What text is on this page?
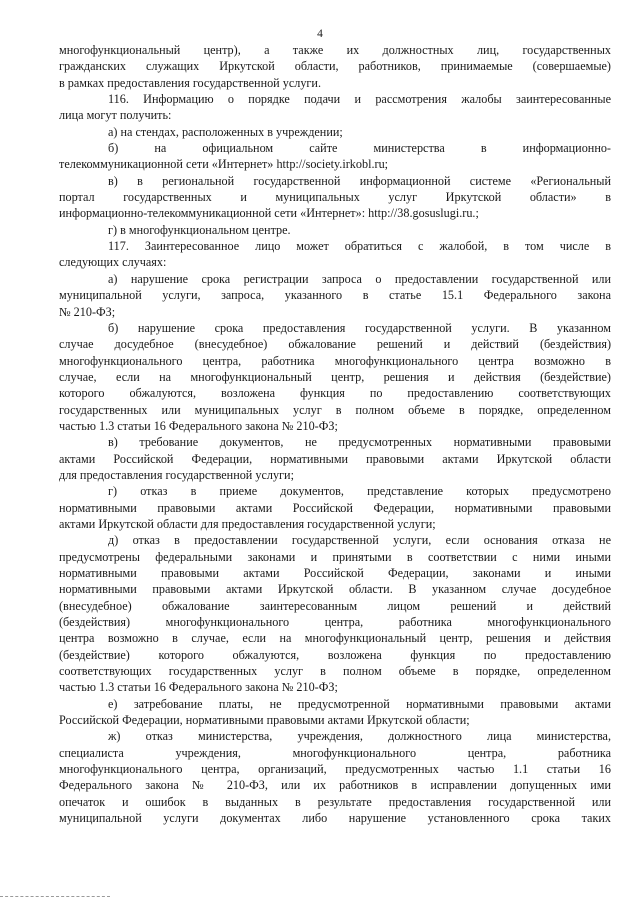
4
многофункциональный центр), а также их должностных лиц, государственных
гражданских служащих Иркутской области, работников, принимаемые (совершаемые)
в рамках предоставления государственной услуги.
116. Информацию о порядке подачи и рассмотрения жалобы заинтересованные
лица могут получить:
а) на стендах, расположенных в учреждении;
б) на официальном сайте министерства в информационно-
телекоммуникационной сети «Интернет» http://society.irkobl.ru;
в) в региональной государственной информационной системе «Региональный
портал государственных и муниципальных услуг Иркутской области» в
информационно-телекоммуникационной сети «Интернет»: http://38.gosuslugi.ru.;
г) в многофункциональном центре.
117. Заинтересованное лицо может обратиться с жалобой, в том числе в
следующих случаях:
а) нарушение срока регистрации запроса о предоставлении государственной или
муниципальной услуги, запроса, указанного в статье 15.1 Федерального закона
№ 210-ФЗ;
б) нарушение срока предоставления государственной услуги. В указанном
случае досудебное (внесудебное) обжалование решений и действий (бездействия)
многофункционального центра, работника многофункционального центра возможно в
случае, если на многофункциональный центр, решения и действия (бездействие)
которого обжалуются, возложена функция по предоставлению соответствующих
государственных или муниципальных услуг в полном объеме в порядке, определенном
частью 1.3 статьи 16 Федерального закона № 210-ФЗ;
в) требование документов, не предусмотренных нормативными правовыми
актами Российской Федерации, нормативными правовыми актами Иркутской области
для предоставления государственной услуги;
г) отказ в приеме документов, представление которых предусмотрено
нормативными правовыми актами Российской Федерации, нормативными правовыми
актами Иркутской области для предоставления государственной услуги;
д) отказ в предоставлении государственной услуги, если основания отказа не
предусмотрены федеральными законами и принятыми в соответствии с ними иными
нормативными правовыми актами Российской Федерации, законами и иными
нормативными правовыми актами Иркутской области. В указанном случае досудебное
(внесудебное) обжалование заинтересованным лицом решений и действий
(бездействия) многофункционального центра, работника многофункционального
центра возможно в случае, если на многофункциональный центр, решения и действия
(бездействие) которого обжалуются, возложена функция по предоставлению
соответствующих государственных услуг в полном объеме в порядке, определенном
частью 1.3 статьи 16 Федерального закона № 210-ФЗ;
е) затребование платы, не предусмотренной нормативными правовыми актами
Российской Федерации, нормативными правовыми актами Иркутской области;
ж) отказ министерства, учреждения, должностного лица министерства,
специалиста учреждения, многофункционального центра, работника
многофункционального центра, организаций, предусмотренных частью 1.1 статьи 16
Федерального закона № 210-ФЗ, или их работников в исправлении допущенных ими
опечаток и ошибок в выданных в результате предоставления государственной или
муниципальной услуги документах либо нарушение установленного срока таких
